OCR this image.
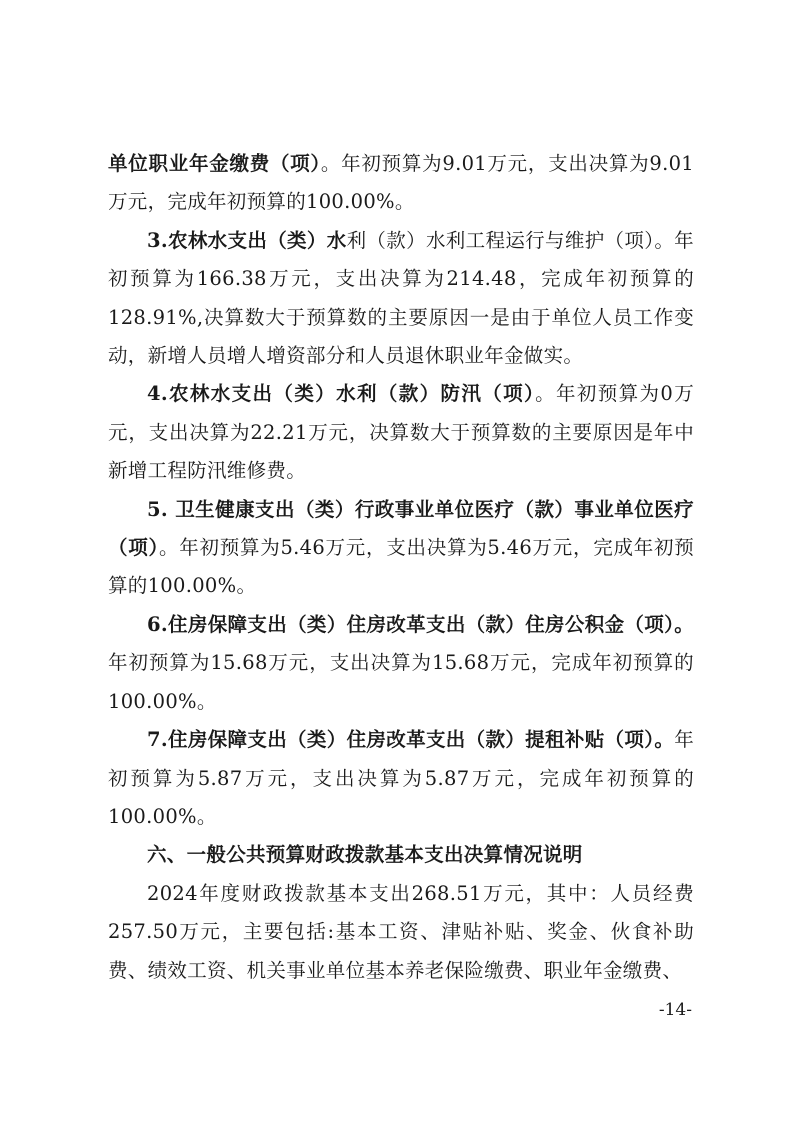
单位职业年金缴费（项）。年初预算为9.01万元，支出决算为9.01万元，完成年初预算的100.00%。

3.农林水支出（类）水利（款）水利工程运行与维护（项）。年初预算为166.38万元，支出决算为214.48，完成年初预算的128.91%,决算数大于预算数的主要原因一是由于单位人员工作变动，新增人员增人增资部分和人员退休职业年金做实。

4.农林水支出（类）水利（款）防汛（项）。年初预算为0万元，支出决算为22.21万元，决算数大于预算数的主要原因是年中新增工程防汛维修费。

5. 卫生健康支出（类）行政事业单位医疗（款）事业单位医疗（项）。年初预算为5.46万元，支出决算为5.46万元，完成年初预算的100.00%。

6.住房保障支出（类）住房改革支出（款）住房公积金（项）。年初预算为15.68万元，支出决算为15.68万元，完成年初预算的100.00%。

7.住房保障支出（类）住房改革支出（款）提租补贴（项）。年初预算为5.87万元，支出决算为5.87万元，完成年初预算的100.00%。

六、一般公共预算财政拨款基本支出决算情况说明

2024年度财政拨款基本支出268.51万元，其中：人员经费257.50万元，主要包括:基本工资、津贴补贴、奖金、伙食补助费、绩效工资、机关事业单位基本养老保险缴费、职业年金缴费、

-14-
